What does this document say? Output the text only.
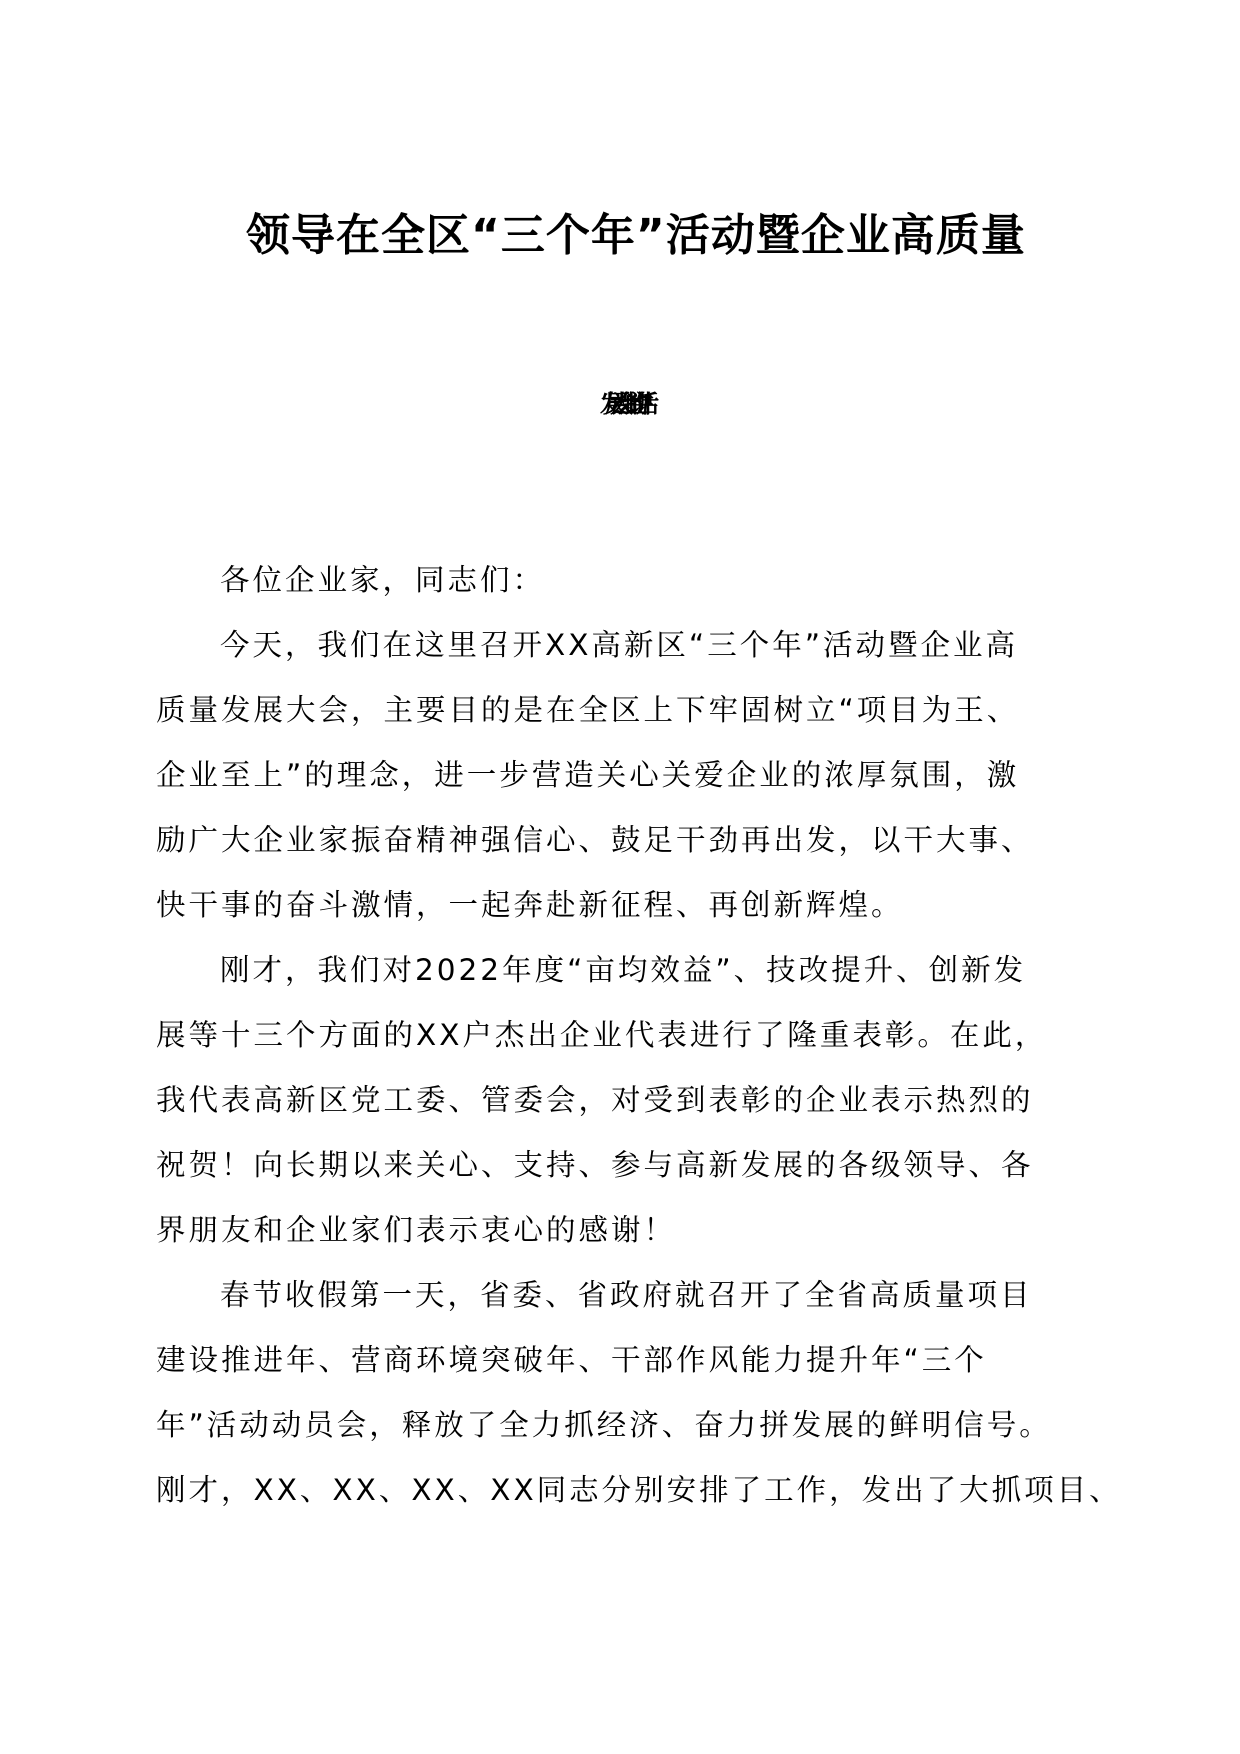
领导在全区“三个年”活动暨企业高质量
发展大会上的讲话
各位企业家，同志们：
今天，我们在这里召开XX高新区“三个年”活动暨企业高
质量发展大会，主要目的是在全区上下牢固树立“项目为王、
企业至上”的理念，进一步营造关心关爱企业的浓厚氛围，激
励广大企业家振奋精神强信心、鼓足干劲再出发，以干大事、
快干事的奋斗激情，一起奔赴新征程、再创新辉煌。
刚才，我们对2022年度“亩均效益”、技改提升、创新发
展等十三个方面的XX户杰出企业代表进行了隆重表彰。在此，
我代表高新区党工委、管委会，对受到表彰的企业表示热烈的
祝贺！向长期以来关心、支持、参与高新发展的各级领导、各
界朋友和企业家们表示衷心的感谢！
春节收假第一天，省委、省政府就召开了全省高质量项目
建设推进年、营商环境突破年、干部作风能力提升年“三个
年”活动动员会，释放了全力抓经济、奋力拼发展的鲜明信号。
刚才，XX、XX、XX、XX同志分别安排了工作，发出了大抓项目、
